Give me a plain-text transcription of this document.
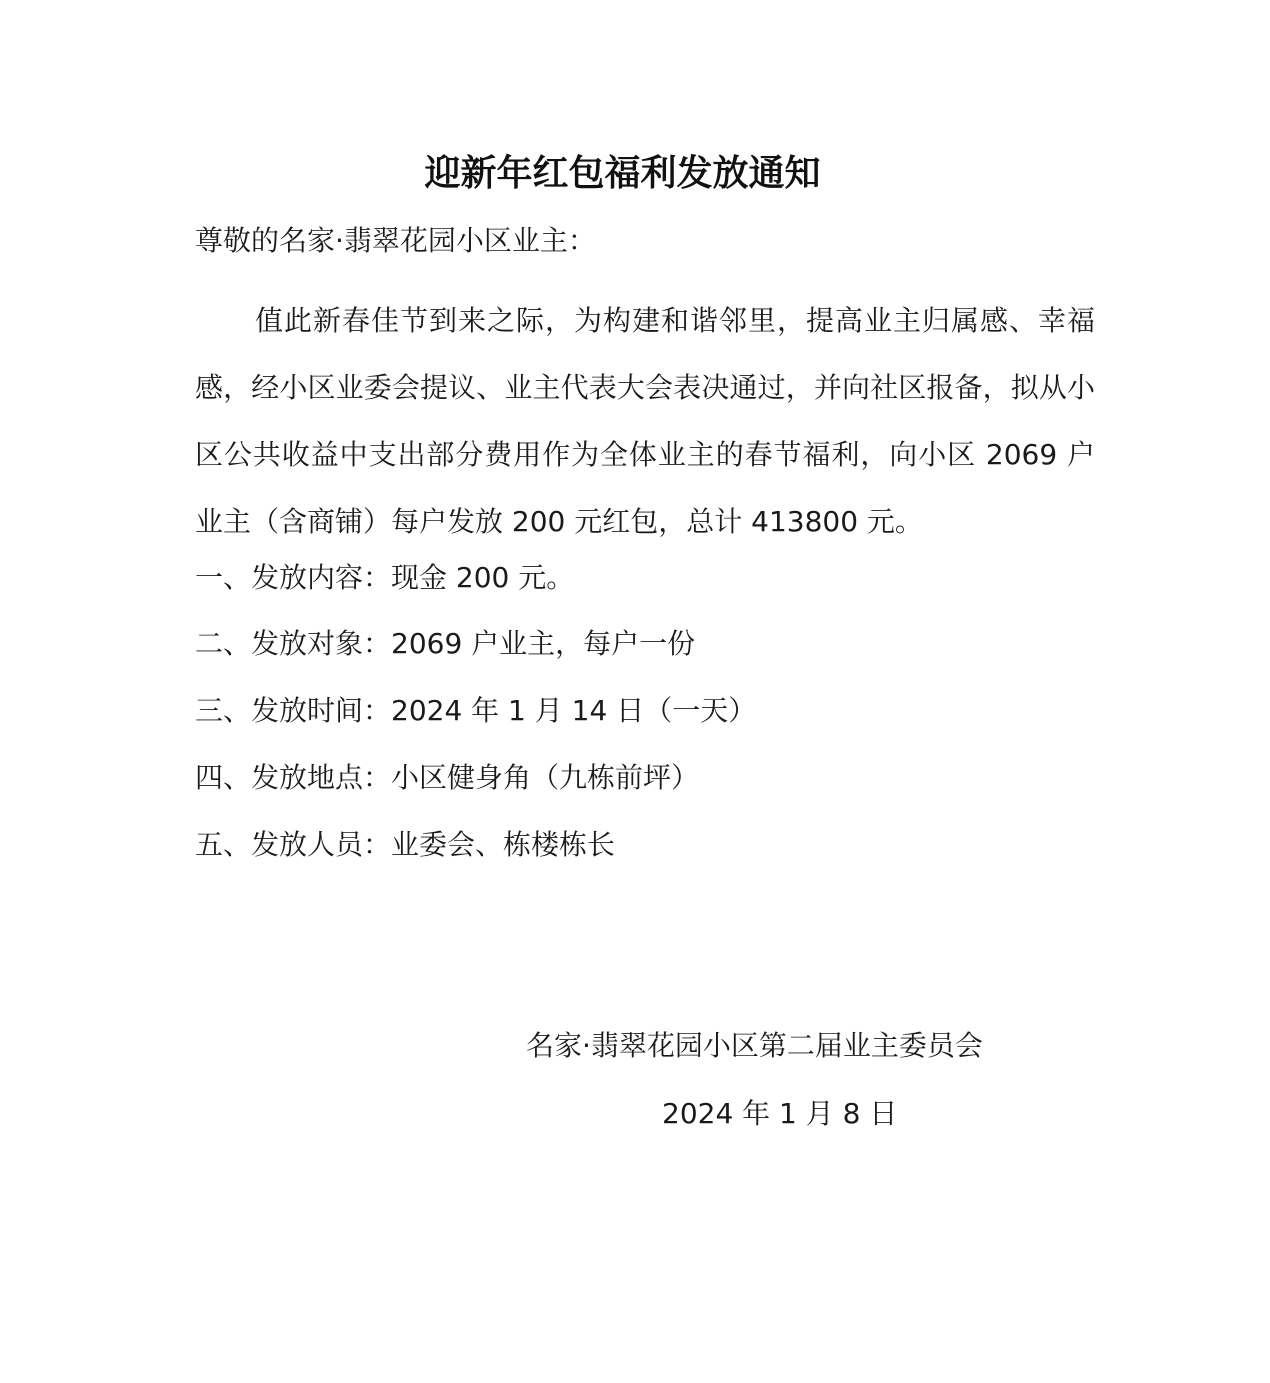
迎新年红包福利发放通知
尊敬的名家·翡翠花园小区业主：
值此新春佳节到来之际，为构建和谐邻里，提高业主归属感、幸福感，经小区业委会提议、业主代表大会表决通过，并向社区报备，拟从小区公共收益中支出部分费用作为全体业主的春节福利，向小区 2069 户业主（含商铺）每户发放 200 元红包，总计 413800 元。
一、发放内容：现金 200 元。
二、发放对象：2069 户业主，每户一份
三、发放时间：2024 年 1 月 14 日（一天）
四、发放地点：小区健身角（九栋前坪）
五、发放人员：业委会、栋楼栋长
名家·翡翠花园小区第二届业主委员会
2024 年 1 月 8 日
